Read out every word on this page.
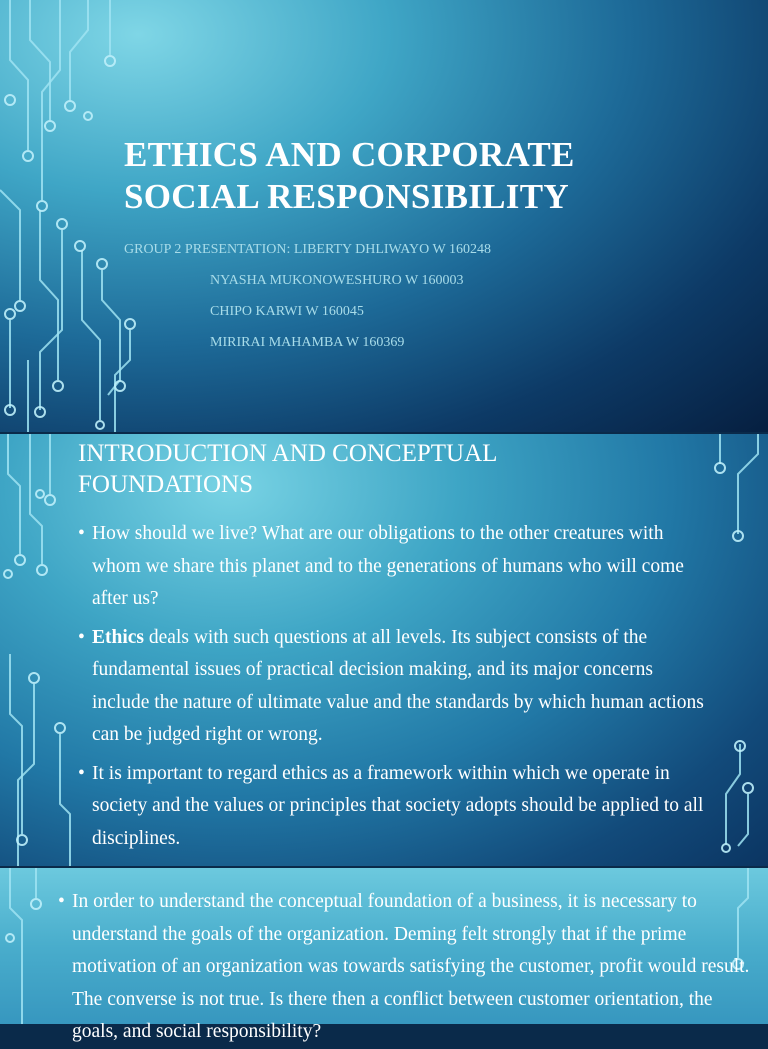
ETHICS AND CORPORATE
SOCIAL RESPONSIBILITY
GROUP 2 PRESENTATION: LIBERTY DHLIWAYO W 160248
NYASHA MUKONOWESHURO W 160003
CHIPO KARWI W 160045
MIRIRAI MAHAMBA W 160369
INTRODUCTION AND CONCEPTUAL
FOUNDATIONS
• How should we live? What are our obligations to the other creatures with whom we share this planet and to the generations of humans who will come after us?
• Ethics deals with such questions at all levels. Its subject consists of the fundamental issues of practical decision making, and its major concerns include the nature of ultimate value and the standards by which human actions can be judged right or wrong.
• It is important to regard ethics as a framework within which we operate in society and the values or principles that society adopts should be applied to all disciplines.
• In order to understand the conceptual foundation of a business, it is necessary to understand the goals of the organization. Deming felt strongly that if the prime motivation of an organization was towards satisfying the customer, profit would result. The converse is not true. Is there then a conflict between customer orientation, the goals, and social responsibility?
